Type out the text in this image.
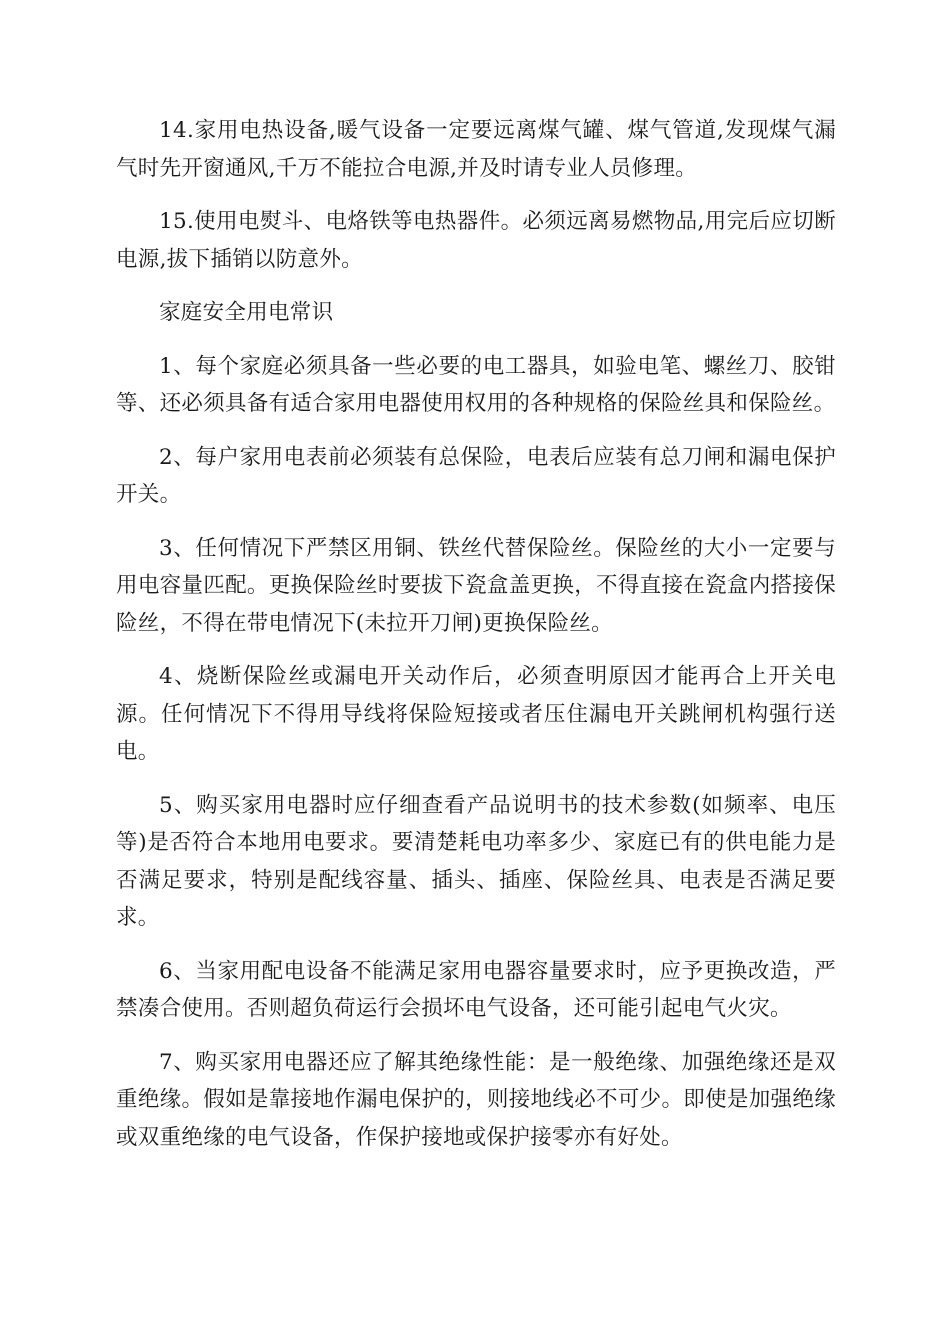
14.家用电热设备,暖气设备一定要远离煤气罐、煤气管道,发现煤气漏气时先开窗通风,千万不能拉合电源,并及时请专业人员修理。

15.使用电熨斗、电烙铁等电热器件。必须远离易燃物品,用完后应切断电源,拔下插销以防意外。

家庭安全用电常识

1、每个家庭必须具备一些必要的电工器具，如验电笔、螺丝刀、胶钳等、还必须具备有适合家用电器使用权用的各种规格的保险丝具和保险丝。

2、每户家用电表前必须装有总保险，电表后应装有总刀闸和漏电保护开关。

3、任何情况下严禁区用铜、铁丝代替保险丝。保险丝的大小一定要与用电容量匹配。更换保险丝时要拔下瓷盒盖更换，不得直接在瓷盒内搭接保险丝，不得在带电情况下(未拉开刀闸)更换保险丝。

4、烧断保险丝或漏电开关动作后，必须查明原因才能再合上开关电源。任何情况下不得用导线将保险短接或者压住漏电开关跳闸机构强行送电。

5、购买家用电器时应仔细查看产品说明书的技术参数(如频率、电压等)是否符合本地用电要求。要清楚耗电功率多少、家庭已有的供电能力是否满足要求，特别是配线容量、插头、插座、保险丝具、电表是否满足要求。

6、当家用配电设备不能满足家用电器容量要求时，应予更换改造，严禁凑合使用。否则超负荷运行会损坏电气设备，还可能引起电气火灾。

7、购买家用电器还应了解其绝缘性能：是一般绝缘、加强绝缘还是双重绝缘。假如是靠接地作漏电保护的，则接地线必不可少。即使是加强绝缘或双重绝缘的电气设备，作保护接地或保护接零亦有好处。
